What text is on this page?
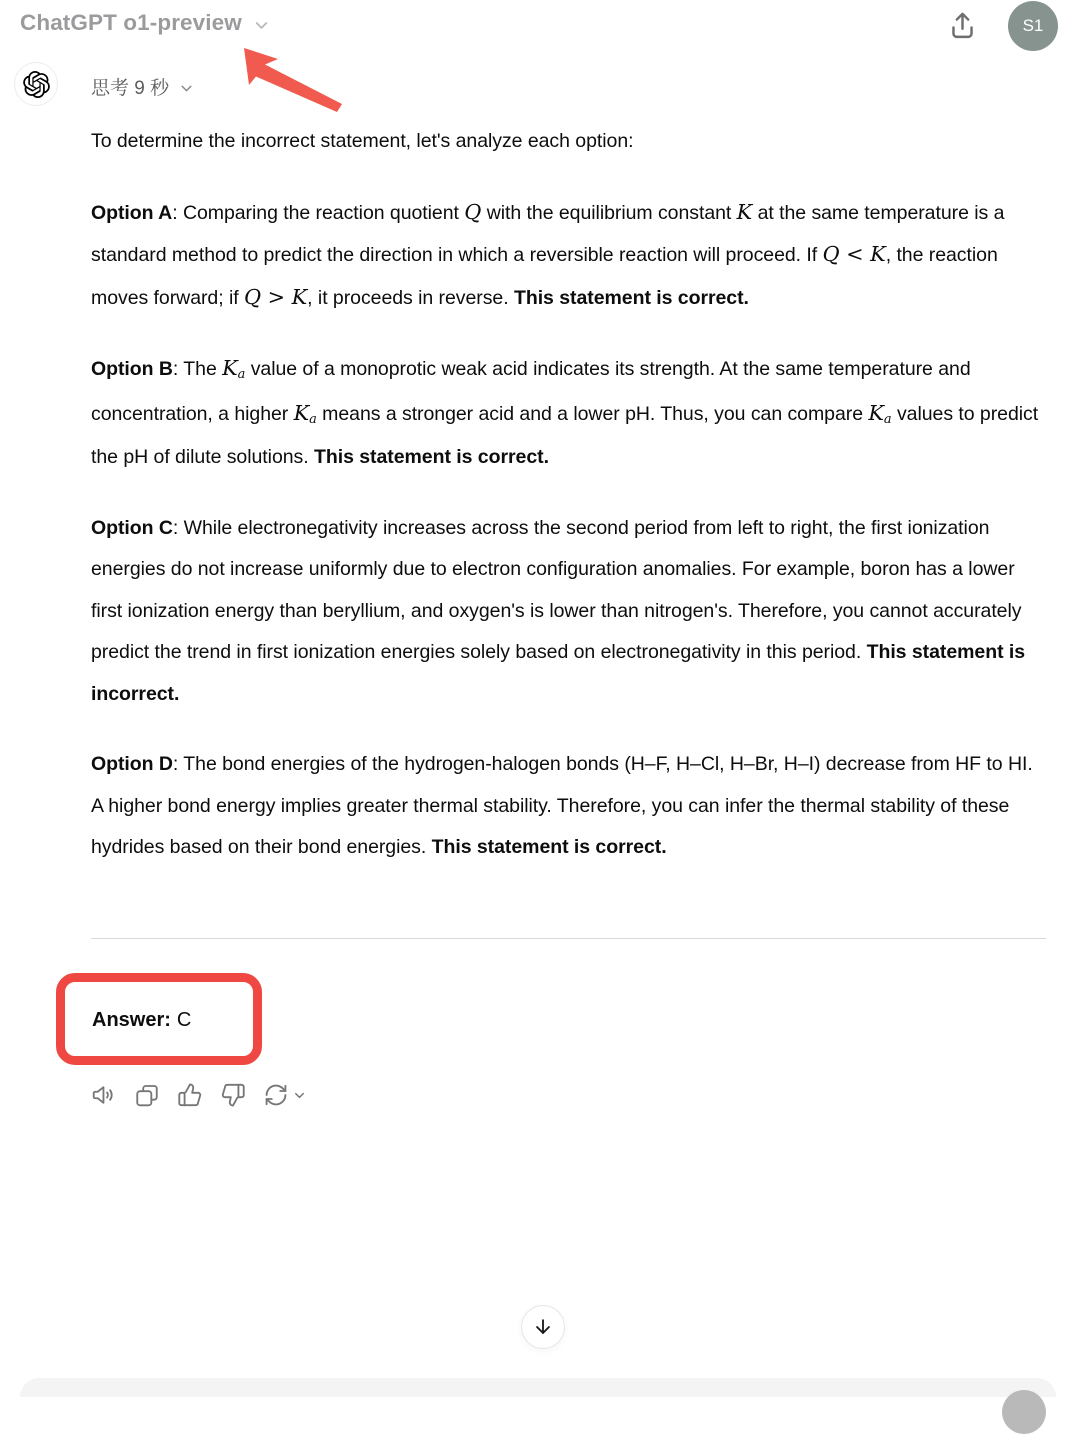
ChatGPT o1-preview	S1
思考 9 秒

To determine the incorrect statement, let's analyze each option:

Option A: Comparing the reaction quotient Q with the equilibrium constant K at the same temperature is a standard method to predict the direction in which a reversible reaction will proceed. If Q < K, the reaction moves forward; if Q > K, it proceeds in reverse. This statement is correct.

Option B: The $K_a$ value of a monoprotic weak acid indicates its strength. At the same temperature and concentration, a higher $K_a$ means a stronger acid and a lower pH. Thus, you can compare $K_a$ values to predict the pH of dilute solutions. This statement is correct.

Option C: While electronegativity increases across the second period from left to right, the first ionization energies do not increase uniformly due to electron configuration anomalies. For example, boron has a lower first ionization energy than beryllium, and oxygen's is lower than nitrogen's. Therefore, you cannot accurately predict the trend in first ionization energies solely based on electronegativity in this period. This statement is incorrect.

Option D: The bond energies of the hydrogen-halogen bonds (H–F, H–Cl, H–Br, H–I) decrease from HF to HI. A higher bond energy implies greater thermal stability. Therefore, you can infer the thermal stability of these hydrides based on their bond energies. This statement is correct.

Answer: C
